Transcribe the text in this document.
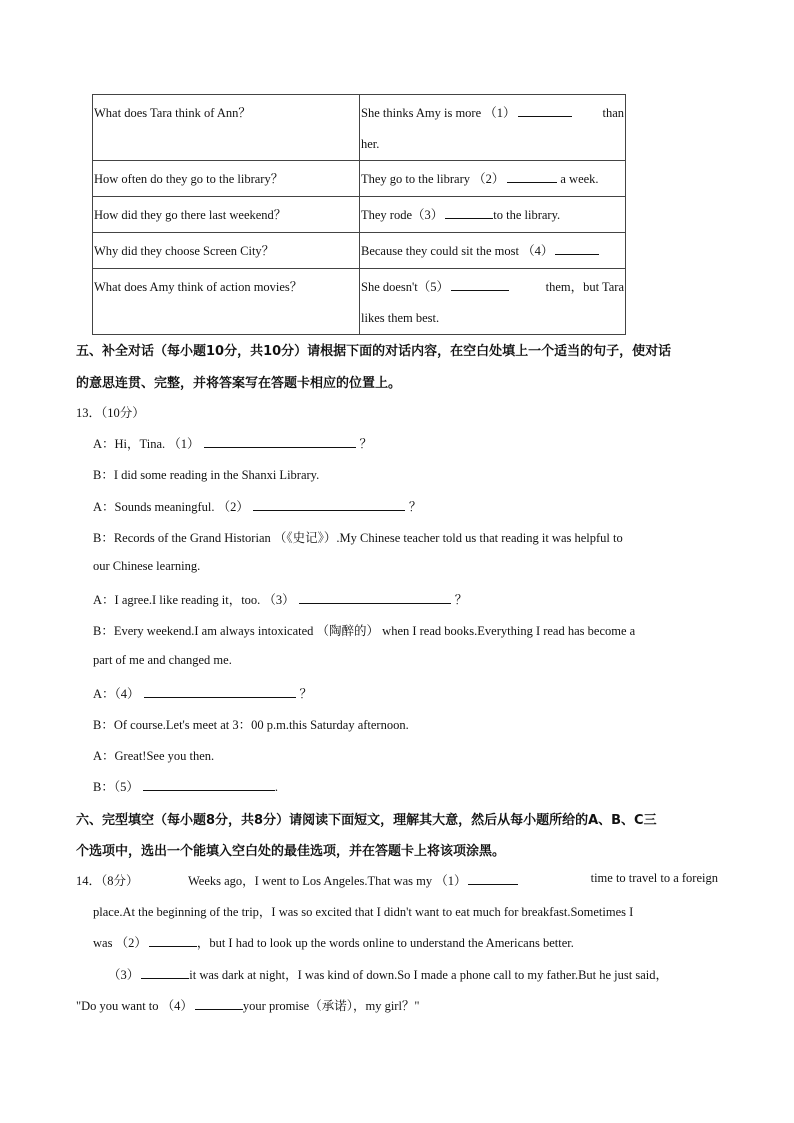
What does Tara think of Ann？	She thinks Amy is more （1） than
her.
How often do they go to the library？	They go to the library （2） a week.
How did they go there last weekend？	They rode（3） to the library.
Why did they choose Screen City？	Because they could sit the most （4）
What does Amy think of action movies？	She doesn't（5） them，but Tara
likes them best.
五、补全对话（每小题10分，共10分）请根据下面的对话内容，在空白处填上一个适当的句子，使对话
的意思连贯、完整，并将答案写在答题卡相应的位置上。
13．（10分）
A：Hi，Tina. （1）	？
B：I did some reading in the Shanxi Library.
A：Sounds meaningful. （2）	？
B：Records of the Grand Historian （《史记》）.My Chinese teacher told us that reading it was helpful to
our Chinese learning.
A：I agree.I like reading it，too. （3）	？
B：Every weekend.I am always intoxicated （陶醉的） when I read books.Everything I read has become a
part of me and changed me.
A：（4）	？
B：Of course.Let's meet at 3：00 p.m.this Saturday afternoon.
A：Great!See you then.
B：（5）	.
六、完型填空（每小题8分，共8分）请阅读下面短文，理解其大意，然后从每小题所给的A、B、C三
个选项中，选出一个能填入空白处的最佳选项，并在答题卡上将该项涂黑。
14．（8分）	Weeks ago，I went to Los Angeles.That was my （1）	time to travel to a foreign
place.At the beginning of the trip，I was so excited that I didn't want to eat much for breakfast.Sometimes I
was （2）	，but I had to look up the words online to understand the Americans better.
（3）	it was dark at night，I was kind of down.So I made a phone call to my father.But he just said，
"Do you want to （4）	your promise（承诺），my girl？"
